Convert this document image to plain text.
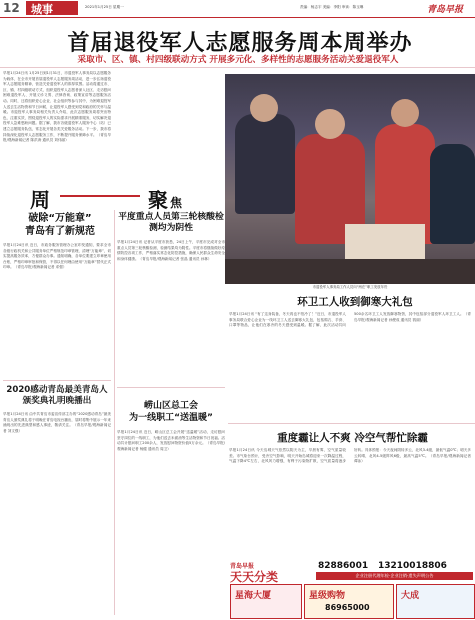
12 城事	2021年1月25日 星期一	责编：杨志宇 美编：李阳 审读：陈玉琳	青岛早报
首届退役军人志愿服务周本周举办
采取市、区、镇、村四级联动方式 开展多元化、多样性的志愿服务活动关爱退役军人
早报1月24日讯 1月25日到1月31日，市退役军人事务局以志愿服务为载体，在全市开展首届退役军人志愿服务周活动，进一步弘扬退役军人志愿服务精神，营造关爱退役军人的浓厚氛围。活动将通过市、区、镇、村四级联动方式，组织退役军人志愿者深入社区、走访慰问困难退役军人、开展义诊义剪、法律咨询、政策宣讲等志愿服务活动。同时，还将组织爱心企业、社会组织等参与其中，为困难退役军人送去生活物资和节日问候，让退役军人感受到党和政府的关怀与温暖。市退役军人事务局相关负责人介绍，此次志愿服务周将突出特色、注重实效，围绕退役军人的实际需求开展精准服务，切实解决退役军人急难愁盼问题。据了解，我市各级退役军人服务中心（站）已建立志愿服务队伍，常态化开展各类关爱服务活动。下一步，我市将持续深化退役军人志愿服务工作，不断提升服务保障水平。（青岛早报/观海新闻记者 陈洪涛 通讯员 刘伟丽）
周	聚 焦
破除“万能章”
青岛有了新规范
早报1月24日讯 近日，市政务服务管理办公室印发通知，要求全市各级行政机关和公共服务单位严格规范印章管理，清理“万能章”，切实提高服务效率，方便群众办事。通知明确，各单位要建立印章使用台账，严格印章审批和保管，不得以任何理由使用“万能章”替代正式印章。（青岛早报/观海新闻记者 邓强）
2020感动青岛最美青岛人颁奖典礼明晚播出
早报1月24日讯 由中共青岛市委宣传部主办的“2020感动青岛”最美青岛人颁奖典礼将于明晚在青岛电视台播出，届时将集中展示一年来涌现出的先进典型和感人事迹，敬请关注。（青岛早报/观海新闻记者 刘文强）
平度重点人员第三轮核酸检测均为阴性
早报1月24日讯 记者从平度市获悉，24日上午，平度市完成对全市重点人员第三轮核酸检测，检测结果均为阴性。平度市将继续做好疫情防控各项工作，严格落实常态化防控措施，确保人民群众生命安全和身体健康。（青岛早报/观海新闻记者 张晶 通讯员 孙林）
崂山区总工会
为一线职工“送温暖”
早报1月24日讯 近日，崂山区总工会开展“送温暖”活动，走访慰问坚守岗位的一线职工，为他们送去米面油等生活物资和节日祝福。活动共计慰问职工200余人，发放慰问物资价值5万余元。（青岛早报/观海新闻记者 杨健 通讯员 周卫）
市退役军人事务局工作人员向“两在”职工发放年货
环卫工人收到御寒大礼包
早报1月24日讯 “有了这身装备，冬天再也不怕冷了！”近日，市退役军人事务局联合爱心企业为一线环卫工人送去御寒大礼包，包括棉衣、手套、口罩等物品，让他们在寒冷的冬天感受到温暖。据了解，此次活动共向500余名环卫工人发放御寒物资，其中包括部分退役军人环卫工人。（青岛早报/观海新闻记者 孙俊成 通讯员 钱丽）
重度霾让人不爽 冷空气帮忙除霾
早报1月24日讯 今天岛城天气依然以阴天为主，早晨有雾，空气质量较差。市气象台预计，受冷空气影响，明天开始岛城将迎来一次降温过程，气温下降4℃左右，北风风力增强，有利于污染物扩散，空气质量将逐步好转。具体预报：今天夜间阴转多云，北风3-4级，最低气温0℃；明天多云转晴，北风4-5级阵风6级，最高气温5℃。（青岛早报/观海新闻记者 谭泳）
青岛早报
天天分类
82886001 13210018806
企业注册代理年检·企业注销·遗失声明公告
星海大厦	星级购物
86965000
大成
